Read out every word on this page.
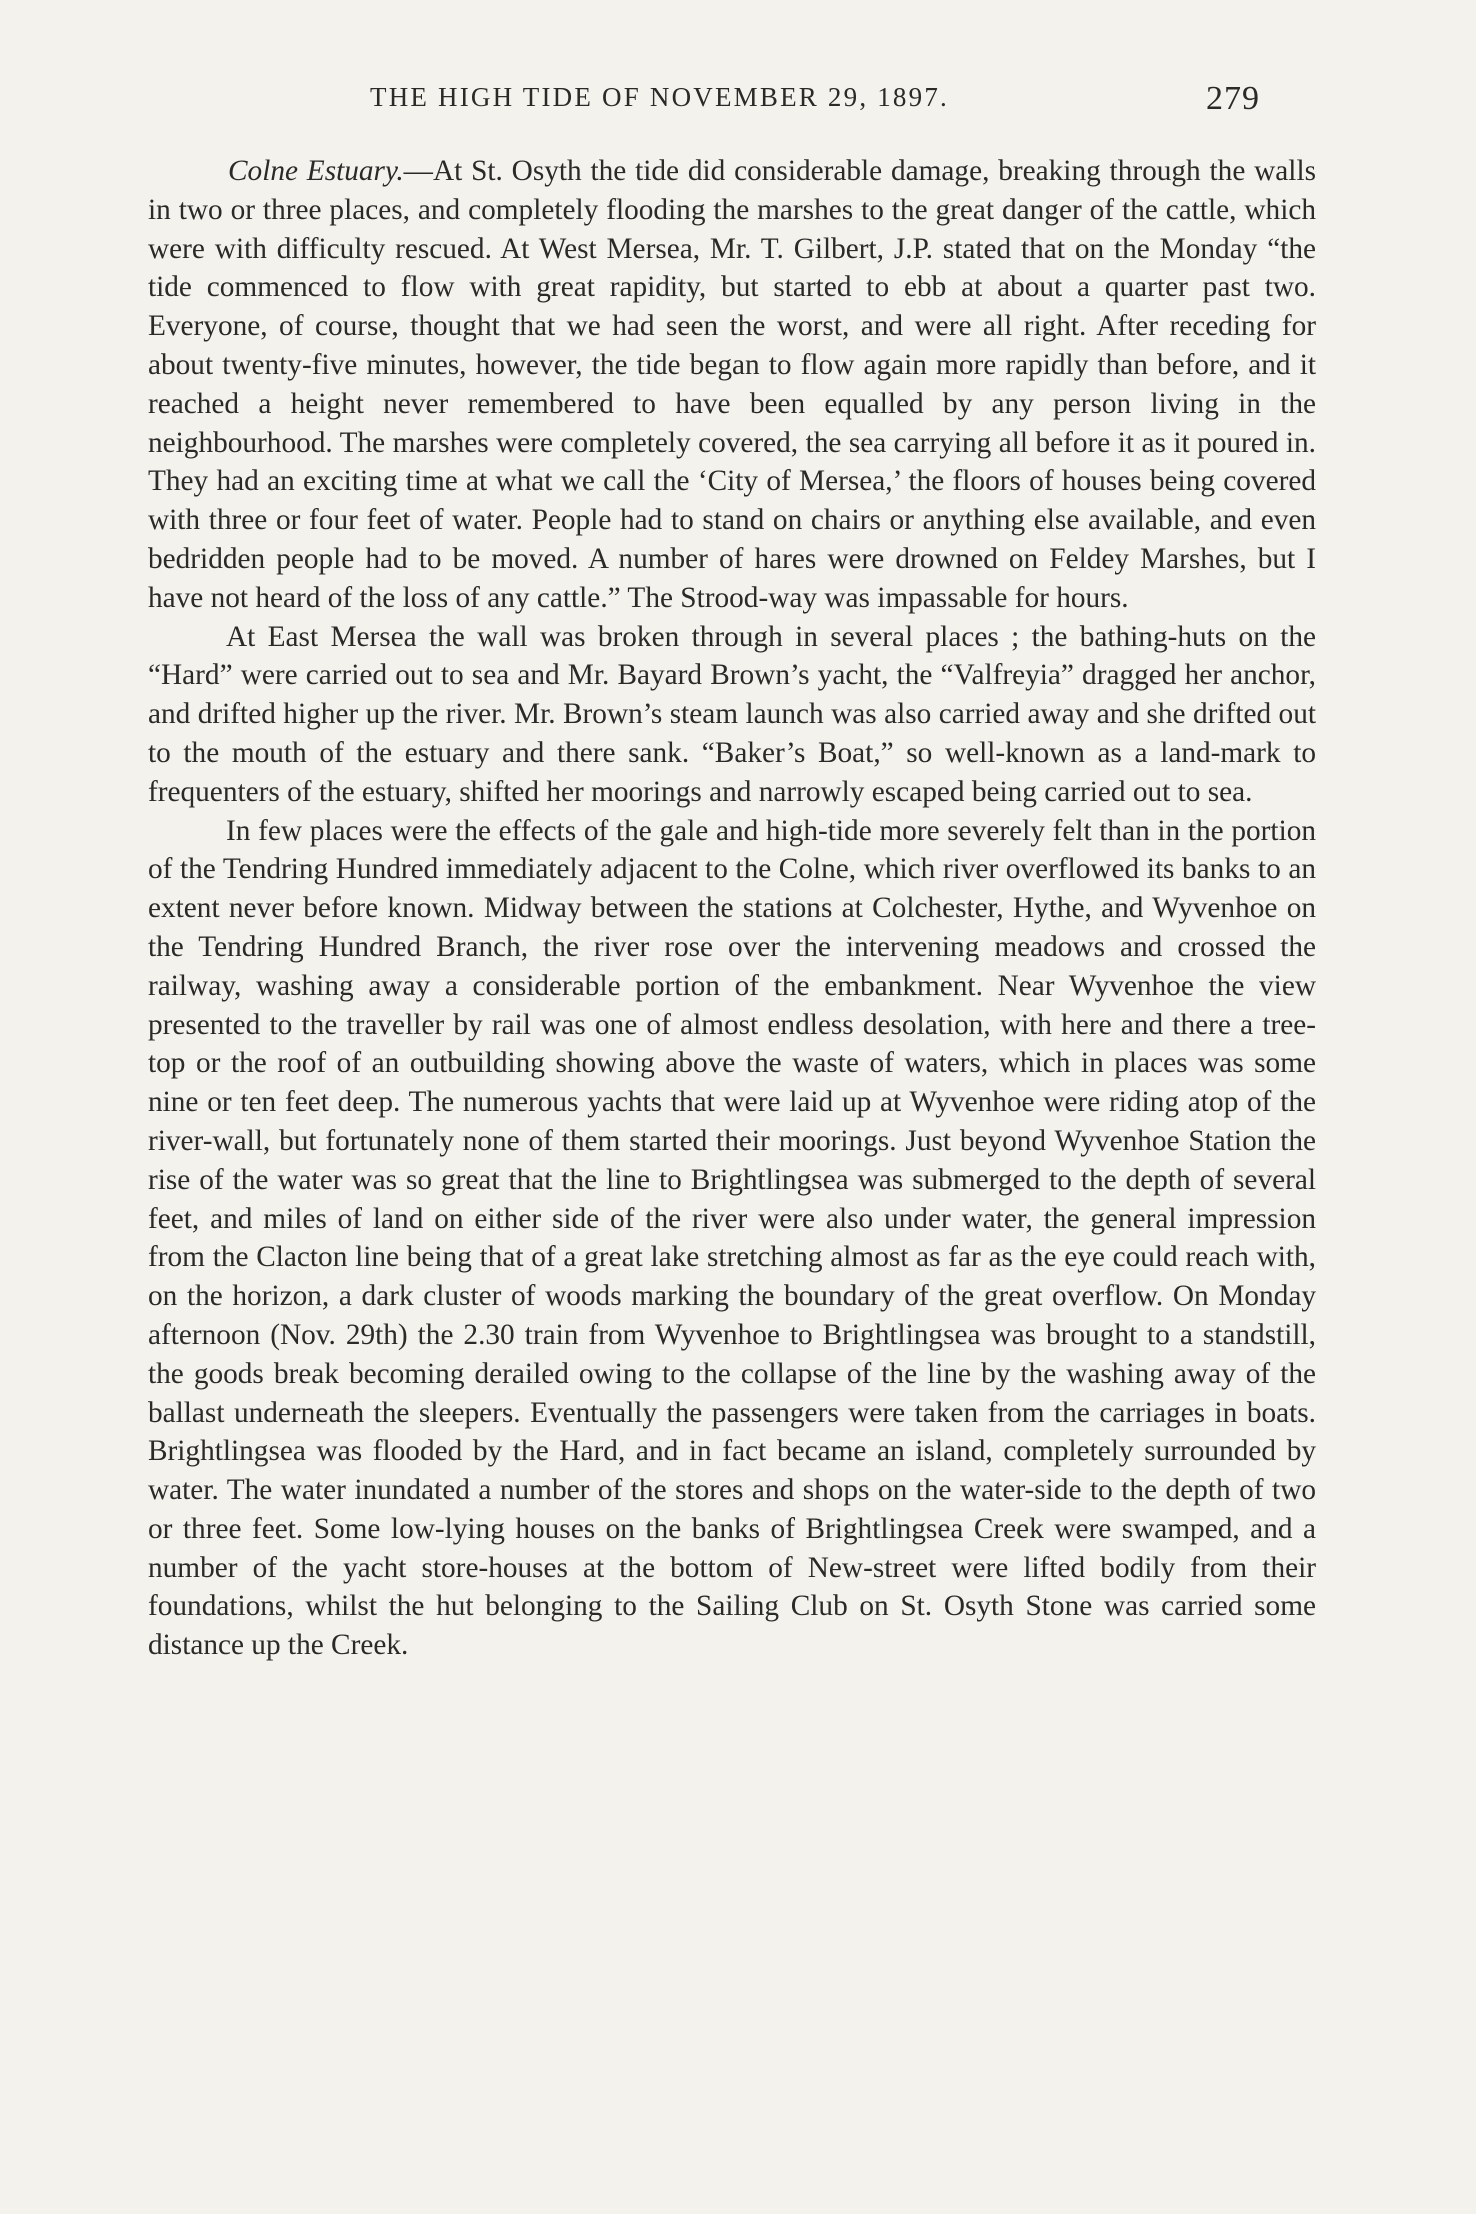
THE HIGH TIDE OF NOVEMBER 29, 1897.	279

Colne Estuary.—At St. Osyth the tide did considerable damage, breaking through the walls in two or three places, and completely flooding the marshes to the great danger of the cattle, which were with difficulty rescued. At West Mersea, Mr. T. Gilbert, J.P. stated that on the Monday “the tide commenced to flow with great rapidity, but started to ebb at about a quarter past two. Everyone, of course, thought that we had seen the worst, and were all right. After receding for about twenty-five minutes, however, the tide began to flow again more rapidly than before, and it reached a height never remembered to have been equalled by any person living in the neighbourhood. The marshes were completely covered, the sea carrying all before it as it poured in. They had an exciting time at what we call the ‘City of Mersea,’ the floors of houses being covered with three or four feet of water. People had to stand on chairs or anything else available, and even bedridden people had to be moved. A number of hares were drowned on Feldey Marshes, but I have not heard of the loss of any cattle.” The Strood-way was impassable for hours.

At East Mersea the wall was broken through in several places ; the bathing-huts on the “Hard” were carried out to sea and Mr. Bayard Brown’s yacht, the “Valfreyia” dragged her anchor, and drifted higher up the river. Mr. Brown’s steam launch was also carried away and she drifted out to the mouth of the estuary and there sank. “Baker’s Boat,” so well-known as a land-mark to frequenters of the estuary, shifted her moorings and narrowly escaped being carried out to sea.

In few places were the effects of the gale and high-tide more severely felt than in the portion of the Tendring Hundred immediately adjacent to the Colne, which river overflowed its banks to an extent never before known. Midway between the stations at Colchester, Hythe, and Wyvenhoe on the Tendring Hundred Branch, the river rose over the intervening meadows and crossed the railway, washing away a considerable portion of the embankment. Near Wyvenhoe the view presented to the traveller by rail was one of almost endless desolation, with here and there a tree-top or the roof of an outbuilding showing above the waste of waters, which in places was some nine or ten feet deep. The numerous yachts that were laid up at Wyvenhoe were riding atop of the river-wall, but fortunately none of them started their moorings. Just beyond Wyvenhoe Station the rise of the water was so great that the line to Brightlingsea was submerged to the depth of several feet, and miles of land on either side of the river were also under water, the general impression from the Clacton line being that of a great lake stretching almost as far as the eye could reach with, on the horizon, a dark cluster of woods marking the boundary of the great overflow. On Monday afternoon (Nov. 29th) the 2.30 train from Wyvenhoe to Brightlingsea was brought to a standstill, the goods break becoming derailed owing to the collapse of the line by the washing away of the ballast underneath the sleepers. Eventually the passengers were taken from the carriages in boats. Brightlingsea was flooded by the Hard, and in fact became an island, completely surrounded by water. The water inundated a number of the stores and shops on the water-side to the depth of two or three feet. Some low-lying houses on the banks of Brightlingsea Creek were swamped, and a number of the yacht store-houses at the bottom of New-street were lifted bodily from their foundations, whilst the hut belonging to the Sailing Club on St. Osyth Stone was carried some distance up the Creek.
